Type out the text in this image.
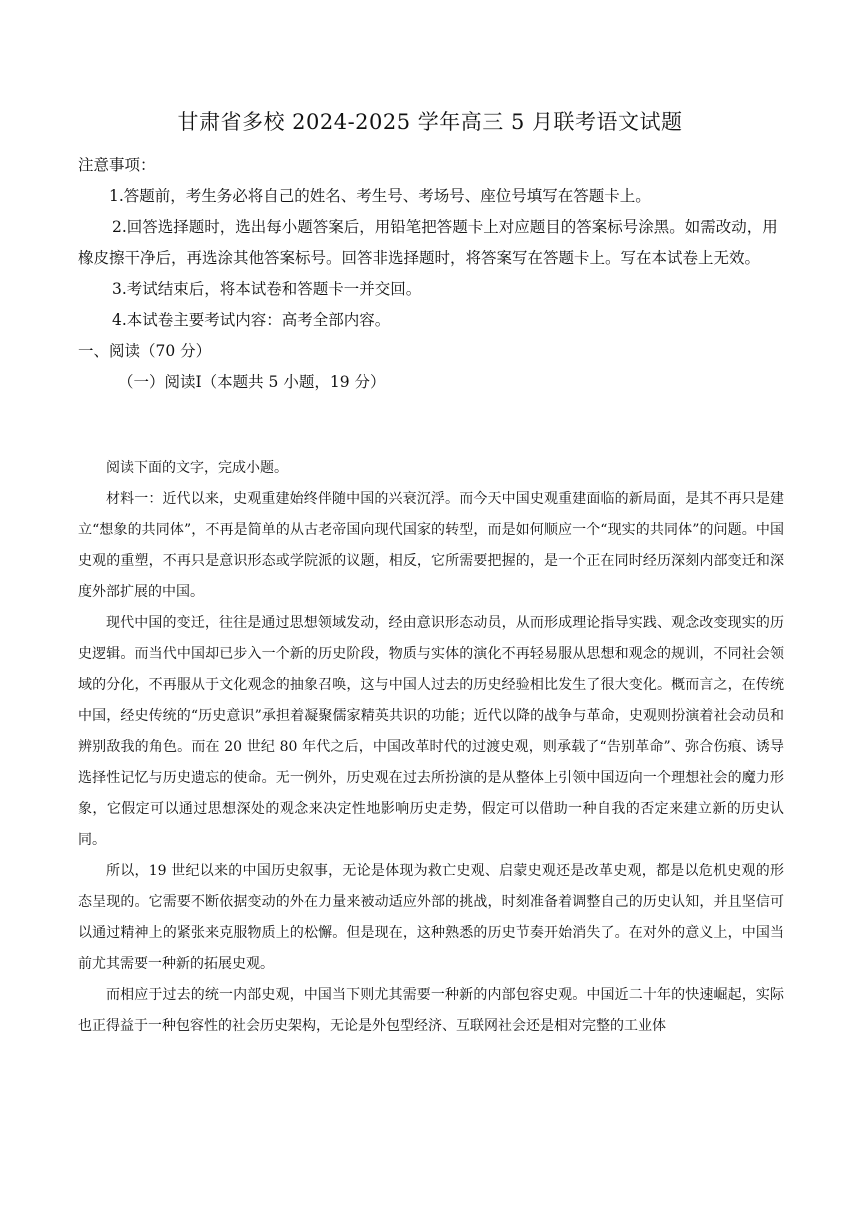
甘肃省多校 2024-2025 学年高三 5 月联考语文试题

注意事项：

1.答题前，考生务必将自己的姓名、考生号、考场号、座位号填写在答题卡上。

2.回答选择题时，选出每小题答案后，用铅笔把答题卡上对应题目的答案标号涂黑。如需改动，用橡皮擦干净后，再选涂其他答案标号。回答非选择题时，将答案写在答题卡上。写在本试卷上无效。

3.考试结束后，将本试卷和答题卡一并交回。

4.本试卷主要考试内容：高考全部内容。

一、阅读（70 分）

（一）阅读Ⅰ（本题共 5 小题，19 分）

阅读下面的文字，完成小题。

材料一：近代以来，史观重建始终伴随中国的兴衰沉浮。而今天中国史观重建面临的新局面，是其不再只是建立“想象的共同体”，不再是简单的从古老帝国向现代国家的转型，而是如何顺应一个“现实的共同体”的问题。中国史观的重塑，不再只是意识形态或学院派的议题，相反，它所需要把握的，是一个正在同时经历深刻内部变迁和深度外部扩展的中国。

现代中国的变迁，往往是通过思想领域发动，经由意识形态动员，从而形成理论指导实践、观念改变现实的历史逻辑。而当代中国却已步入一个新的历史阶段，物质与实体的演化不再轻易服从思想和观念的规训，不同社会领域的分化，不再服从于文化观念的抽象召唤，这与中国人过去的历史经验相比发生了很大变化。概而言之，在传统中国，经史传统的“历史意识”承担着凝聚儒家精英共识的功能；近代以降的战争与革命，史观则扮演着社会动员和辨别敌我的角色。而在 20 世纪 80 年代之后，中国改革时代的过渡史观，则承载了“告别革命”、弥合伤痕、诱导选择性记忆与历史遗忘的使命。无一例外，历史观在过去所扮演的是从整体上引领中国迈向一个理想社会的魔力形象，它假定可以通过思想深处的观念来决定性地影响历史走势，假定可以借助一种自我的否定来建立新的历史认同。

所以，19 世纪以来的中国历史叙事，无论是体现为救亡史观、启蒙史观还是改革史观，都是以危机史观的形态呈现的。它需要不断依据变动的外在力量来被动适应外部的挑战，时刻准备着调整自己的历史认知，并且坚信可以通过精神上的紧张来克服物质上的松懈。但是现在，这种熟悉的历史节奏开始消失了。在对外的意义上，中国当前尤其需要一种新的拓展史观。

而相应于过去的统一内部史观，中国当下则尤其需要一种新的内部包容史观。中国近二十年的快速崛起，实际也正得益于一种包容性的社会历史架构，无论是外包型经济、互联网社会还是相对完整的工业体
